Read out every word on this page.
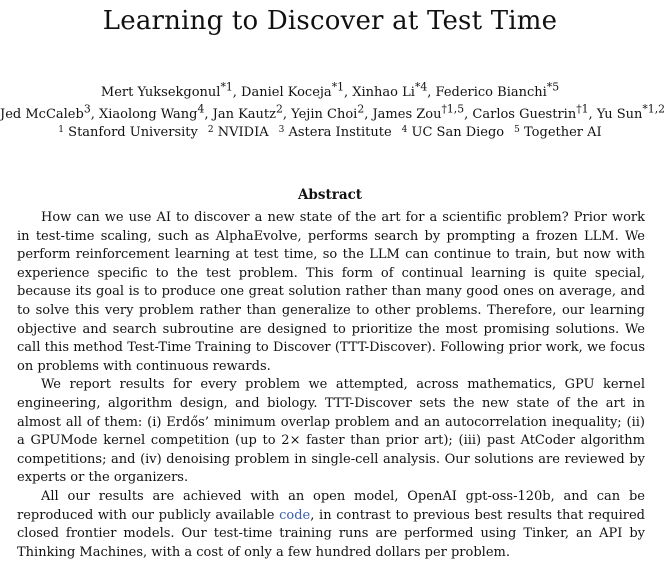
Learning to Discover at Test Time
Mert Yuksekgonul$^{*1}$, Daniel Koceja$^{*1}$, Xinhao Li$^{*4}$, Federico Bianchi$^{*5}$
Jed McCaleb$^3$, Xiaolong Wang$^4$, Jan Kautz$^2$, Yejin Choi$^2$, James Zou$^{\dagger 1,5}$, Carlos Guestrin$^{\dagger 1}$, Yu Sun$^{*1,2}$
$^1$ Stanford University $^2$ NVIDIA $^3$ Astera Institute $^4$ UC San Diego $^5$ Together AI
Abstract

How can we use AI to discover a new state of the art for a scientific problem? Prior work in test-time scaling, such as AlphaEvolve, performs search by prompting a frozen LLM. We perform reinforcement learning at test time, so the LLM can continue to train, but now with experience specific to the test problem. This form of continual learning is quite special, because its goal is to produce one great solution rather than many good ones on average, and to solve this very problem rather than generalize to other problems. Therefore, our learning objective and search subroutine are designed to prioritize the most promising solutions. We call this method Test-Time Training to Discover (TTT-Discover). Following prior work, we focus on problems with continuous rewards.

We report results for every problem we attempted, across mathematics, GPU kernel engineering, algorithm design, and biology. TTT-Discover sets the new state of the art in almost all of them: (i) Erdős’ minimum overlap problem and an autocorrelation inequality; (ii) a GPUMode kernel competition (up to 2× faster than prior art); (iii) past AtCoder algorithm competitions; and (iv) denoising problem in single-cell analysis. Our solutions are reviewed by experts or the organizers.

All our results are achieved with an open model, OpenAI gpt-oss-120b, and can be reproduced with our publicly available code, in contrast to previous best results that required closed frontier models. Our test-time training runs are performed using Tinker, an API by Thinking Machines, with a cost of only a few hundred dollars per problem.
